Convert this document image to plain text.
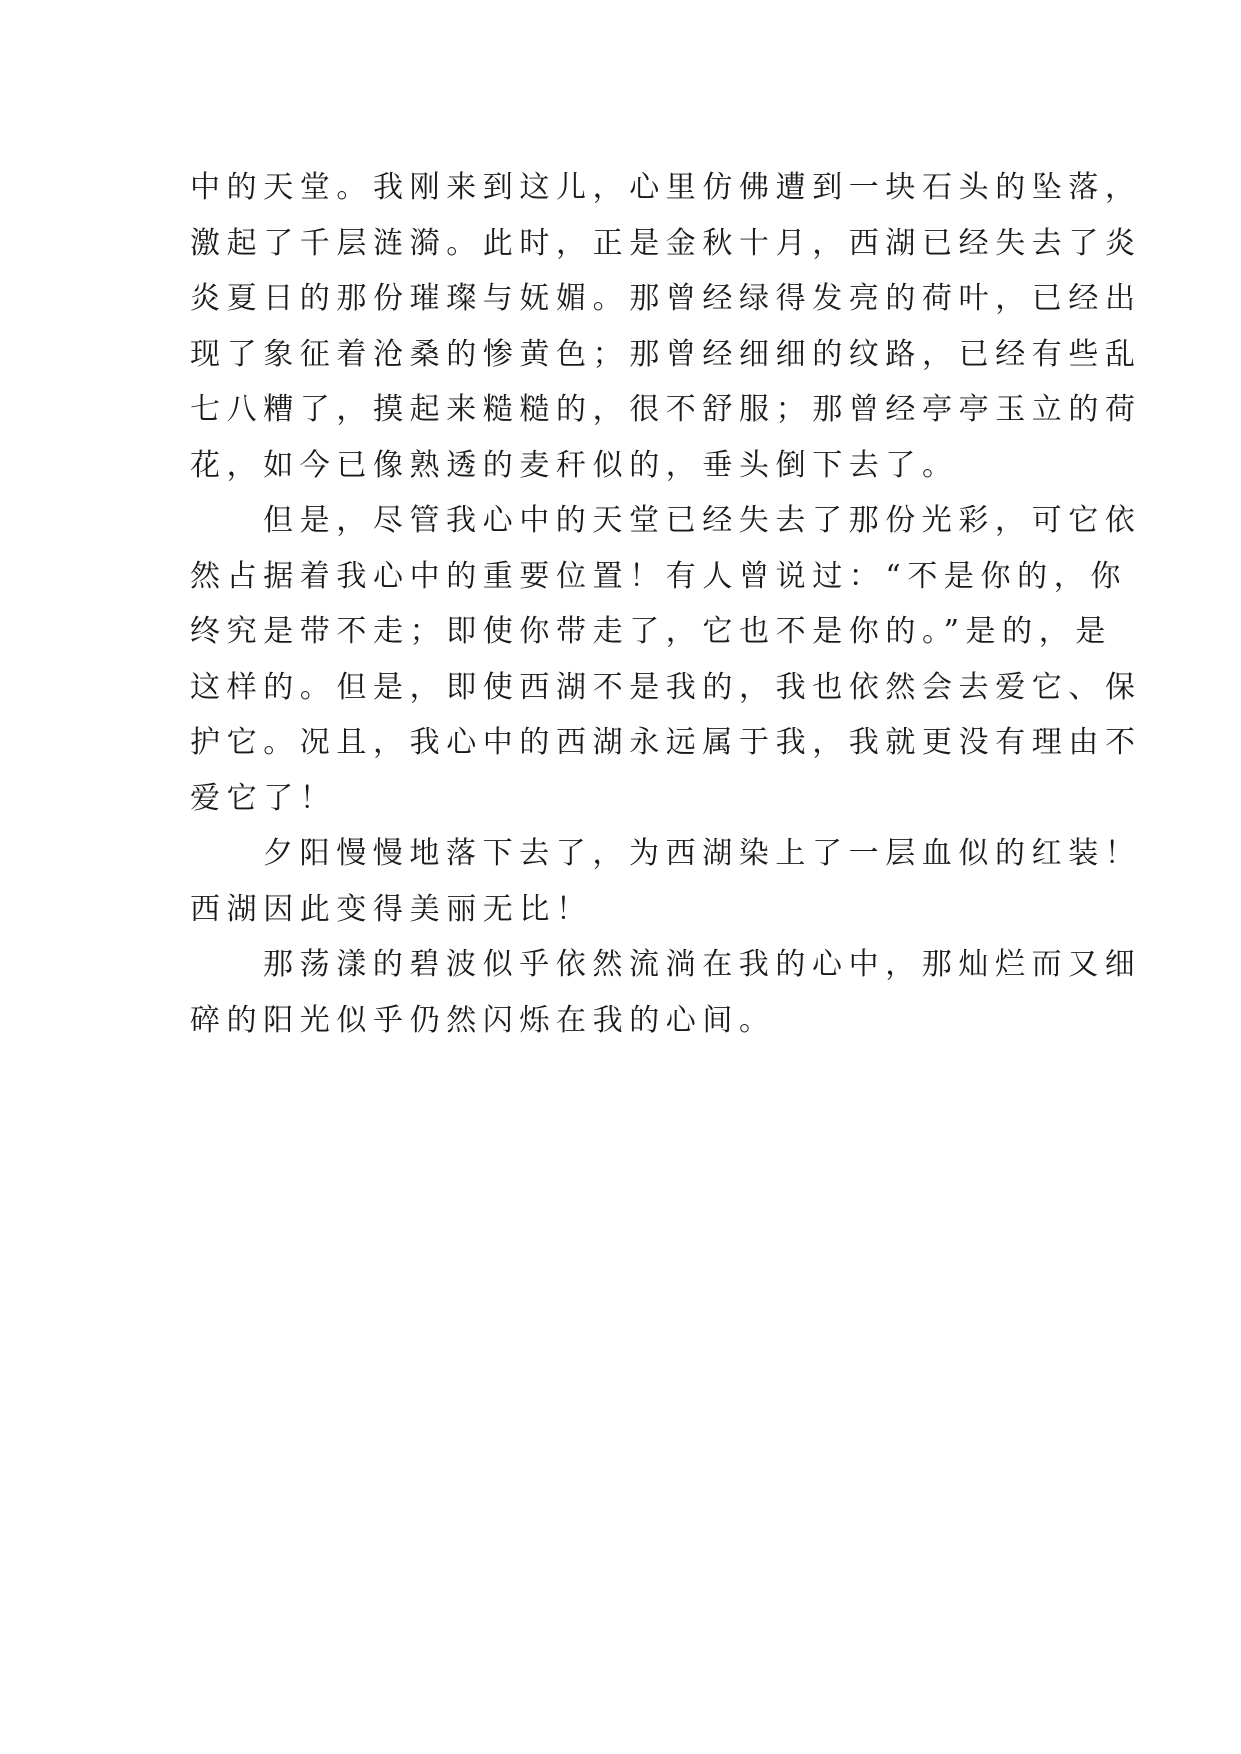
中的天堂。我刚来到这儿，心里仿佛遭到一块石头的坠落，
激起了千层涟漪。此时，正是金秋十月，西湖已经失去了炎
炎夏日的那份璀璨与妩媚。那曾经绿得发亮的荷叶，已经出
现了象征着沧桑的惨黄色；那曾经细细的纹路，已经有些乱
七八糟了，摸起来糙糙的，很不舒服；那曾经亭亭玉立的荷
花，如今已像熟透的麦秆似的，垂头倒下去了。
但是，尽管我心中的天堂已经失去了那份光彩，可它依
然占据着我心中的重要位置！有人曾说过：“不是你的，你
终究是带不走；即使你带走了，它也不是你的。”是的，是
这样的。但是，即使西湖不是我的，我也依然会去爱它、保
护它。况且，我心中的西湖永远属于我，我就更没有理由不
爱它了！
夕阳慢慢地落下去了，为西湖染上了一层血似的红装！
西湖因此变得美丽无比！
那荡漾的碧波似乎依然流淌在我的心中，那灿烂而又细
碎的阳光似乎仍然闪烁在我的心间。
